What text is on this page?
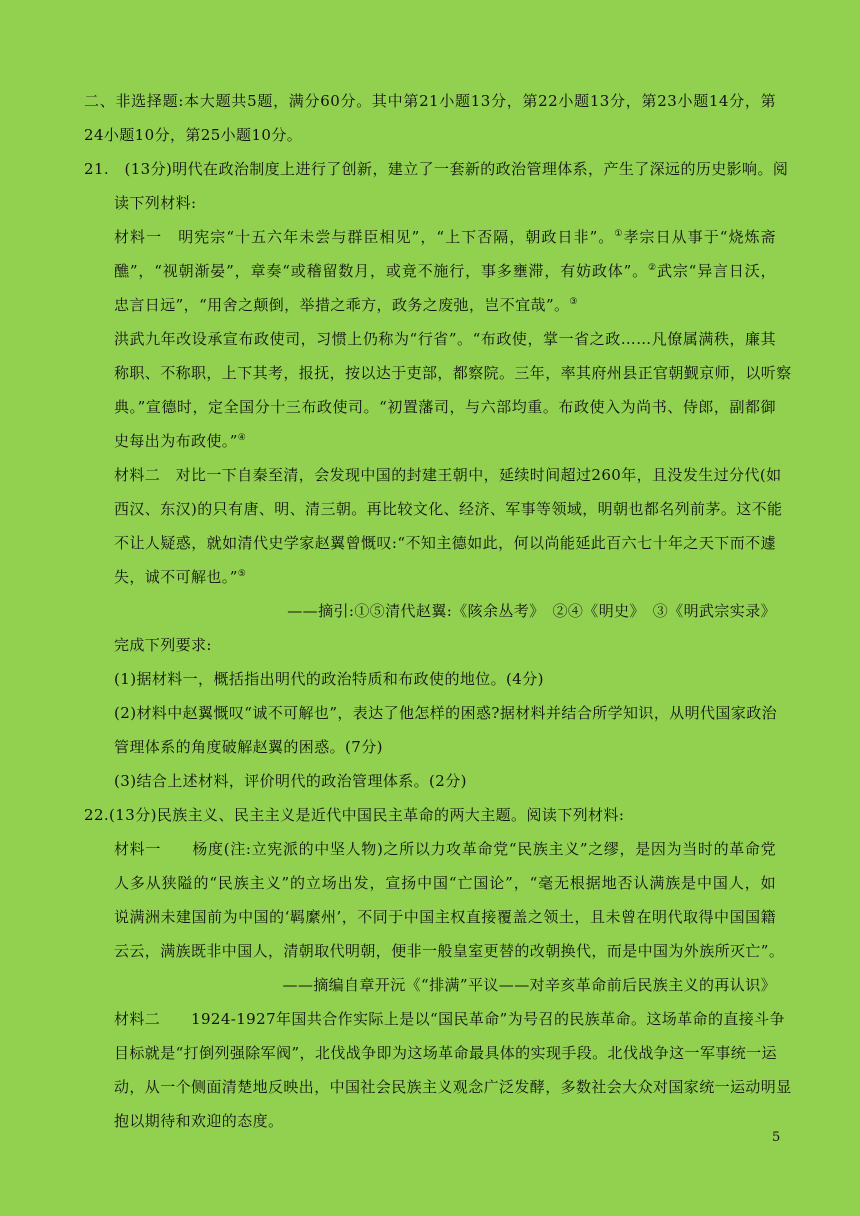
二、非选择题:本大题共5题，满分60分。其中第21小题13分，第22小题13分，第23小题14分，第
24小题10分，第25小题10分。
21.　(13分)明代在政治制度上进行了创新，建立了一套新的政治管理体系，产生了深远的历史影响。阅
读下列材料:
材料一　明宪宗“十五六年未尝与群臣相见”，“上下否隔，朝政日非”。①孝宗日从事于“烧炼斋
醮”，“视朝渐晏”，章奏“或稽留数月，或竟不施行，事多壅滞，有妨政体”。②武宗“异言日沃，
忠言日远”，“用舍之颠倒，举措之乖方，政务之废弛，岂不宜哉”。③
洪武九年改设承宣布政使司，习惯上仍称为“行省”。“布政使，掌一省之政……凡僚属满秩，廉其
称职、不称职，上下其考，报抚，按以达于吏部，都察院。三年，率其府州县正官朝觐京师，以听察
典。”宣德时，定全国分十三布政使司。“初置藩司，与六部均重。布政使入为尚书、侍郎，副都御
史每出为布政使。”④
材料二　对比一下自秦至清，会发现中国的封建王朝中，延续时间超过260年，且没发生过分代(如
西汉、东汉)的只有唐、明、清三朝。再比较文化、经济、军事等领域，明朝也都名列前茅。这不能
不让人疑惑，就如清代史学家赵翼曾慨叹:“不知主德如此，何以尚能延此百六七十年之天下而不遽
失，诚不可解也。”⑤
——摘引:①⑤清代赵翼:《陔余丛考》　②④《明史》　③《明武宗实录》
完成下列要求:
(1)据材料一，概括指出明代的政治特质和布政使的地位。(4分)
(2)材料中赵翼慨叹“诚不可解也”，表达了他怎样的困惑?据材料并结合所学知识，从明代国家政治
管理体系的角度破解赵翼的困惑。(7分)
(3)结合上述材料，评价明代的政治管理体系。(2分)
22.(13分)民族主义、民主主义是近代中国民主革命的两大主题。阅读下列材料:
材料一　　杨度(注:立宪派的中坚人物)之所以力攻革命党“民族主义”之缪，是因为当时的革命党
人多从狭隘的“民族主义”的立场出发，宣扬中国“亡国论”，“毫无根据地否认满族是中国人，如
说满洲未建国前为中国的‘羁縻州’，不同于中国主权直接覆盖之领土，且未曾在明代取得中国国籍
云云，满族既非中国人，清朝取代明朝，便非一般皇室更替的改朝换代，而是中国为外族所灭亡”。
——摘编自章开沅《“排满”平议——对辛亥革命前后民族主义的再认识》
材料二　　1924-1927年国共合作实际上是以“国民革命”为号召的民族革命。这场革命的直接斗争
目标就是“打倒列强除军阀”，北伐战争即为这场革命最具体的实现手段。北伐战争这一军事统一运
动，从一个侧面清楚地反映出，中国社会民族主义观念广泛发酵，多数社会大众对国家统一运动明显
抱以期待和欢迎的态度。
5
